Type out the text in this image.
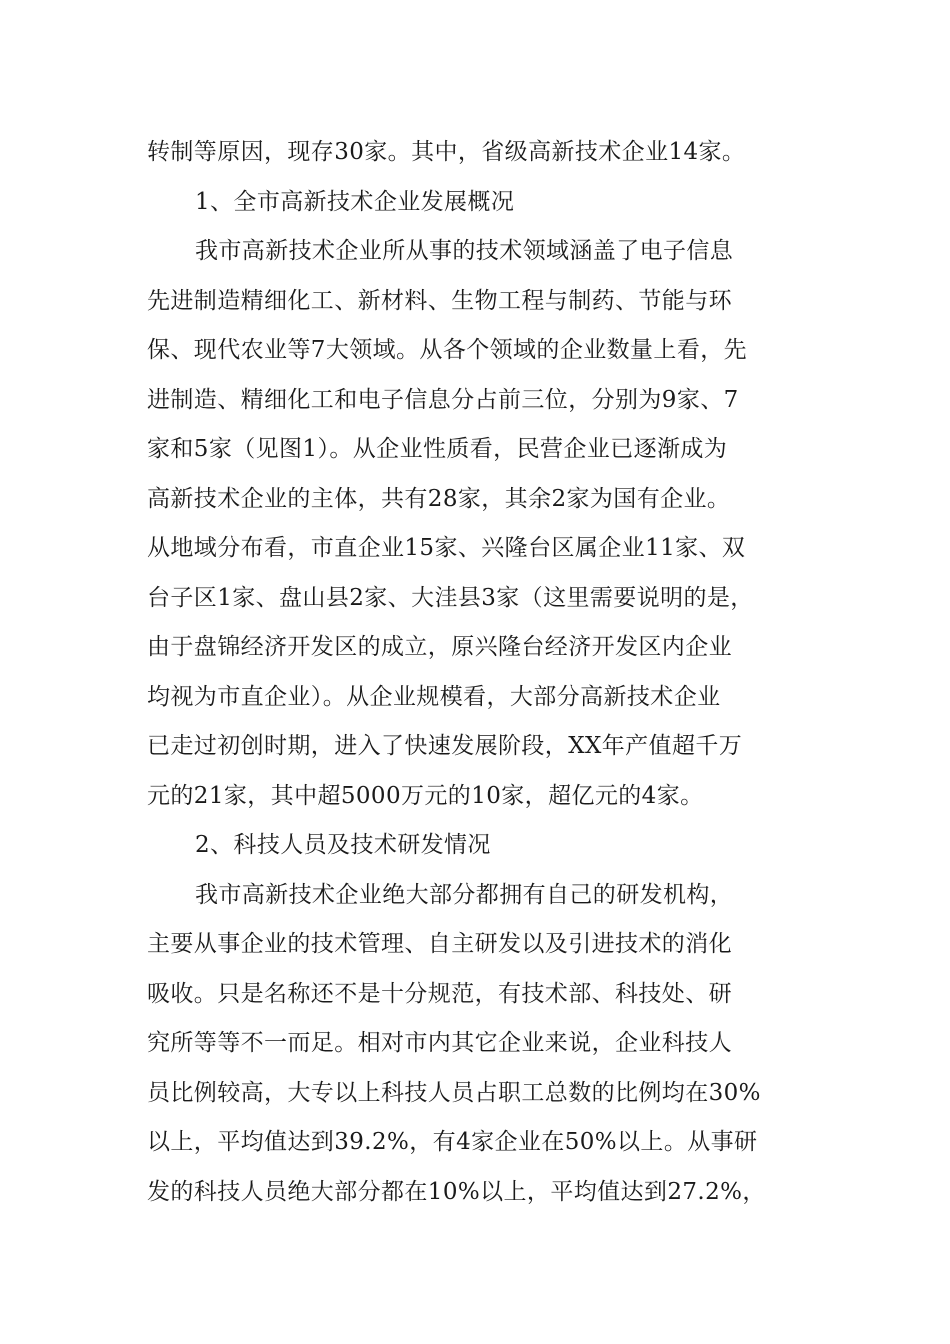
转制等原因，现存30家。其中，省级高新技术企业14家。
1、全市高新技术企业发展概况
我市高新技术企业所从事的技术领域涵盖了电子信息
先进制造精细化工、新材料、生物工程与制药、节能与环
保、现代农业等7大领域。从各个领域的企业数量上看，先
进制造、精细化工和电子信息分占前三位，分别为9家、7
家和5家（见图1）。从企业性质看，民营企业已逐渐成为
高新技术企业的主体，共有28家，其余2家为国有企业。
从地域分布看，市直企业15家、兴隆台区属企业11家、双
台子区1家、盘山县2家、大洼县3家（这里需要说明的是，
由于盘锦经济开发区的成立，原兴隆台经济开发区内企业
均视为市直企业）。从企业规模看，大部分高新技术企业
已走过初创时期，进入了快速发展阶段，XX年产值超千万
元的21家，其中超5000万元的10家，超亿元的4家。
2、科技人员及技术研发情况
我市高新技术企业绝大部分都拥有自己的研发机构，
主要从事企业的技术管理、自主研发以及引进技术的消化
吸收。只是名称还不是十分规范，有技术部、科技处、研
究所等等不一而足。相对市内其它企业来说，企业科技人
员比例较高，大专以上科技人员占职工总数的比例均在30%
以上，平均值达到39.2%，有4家企业在50%以上。从事研
发的科技人员绝大部分都在10%以上，平均值达到27.2%，
